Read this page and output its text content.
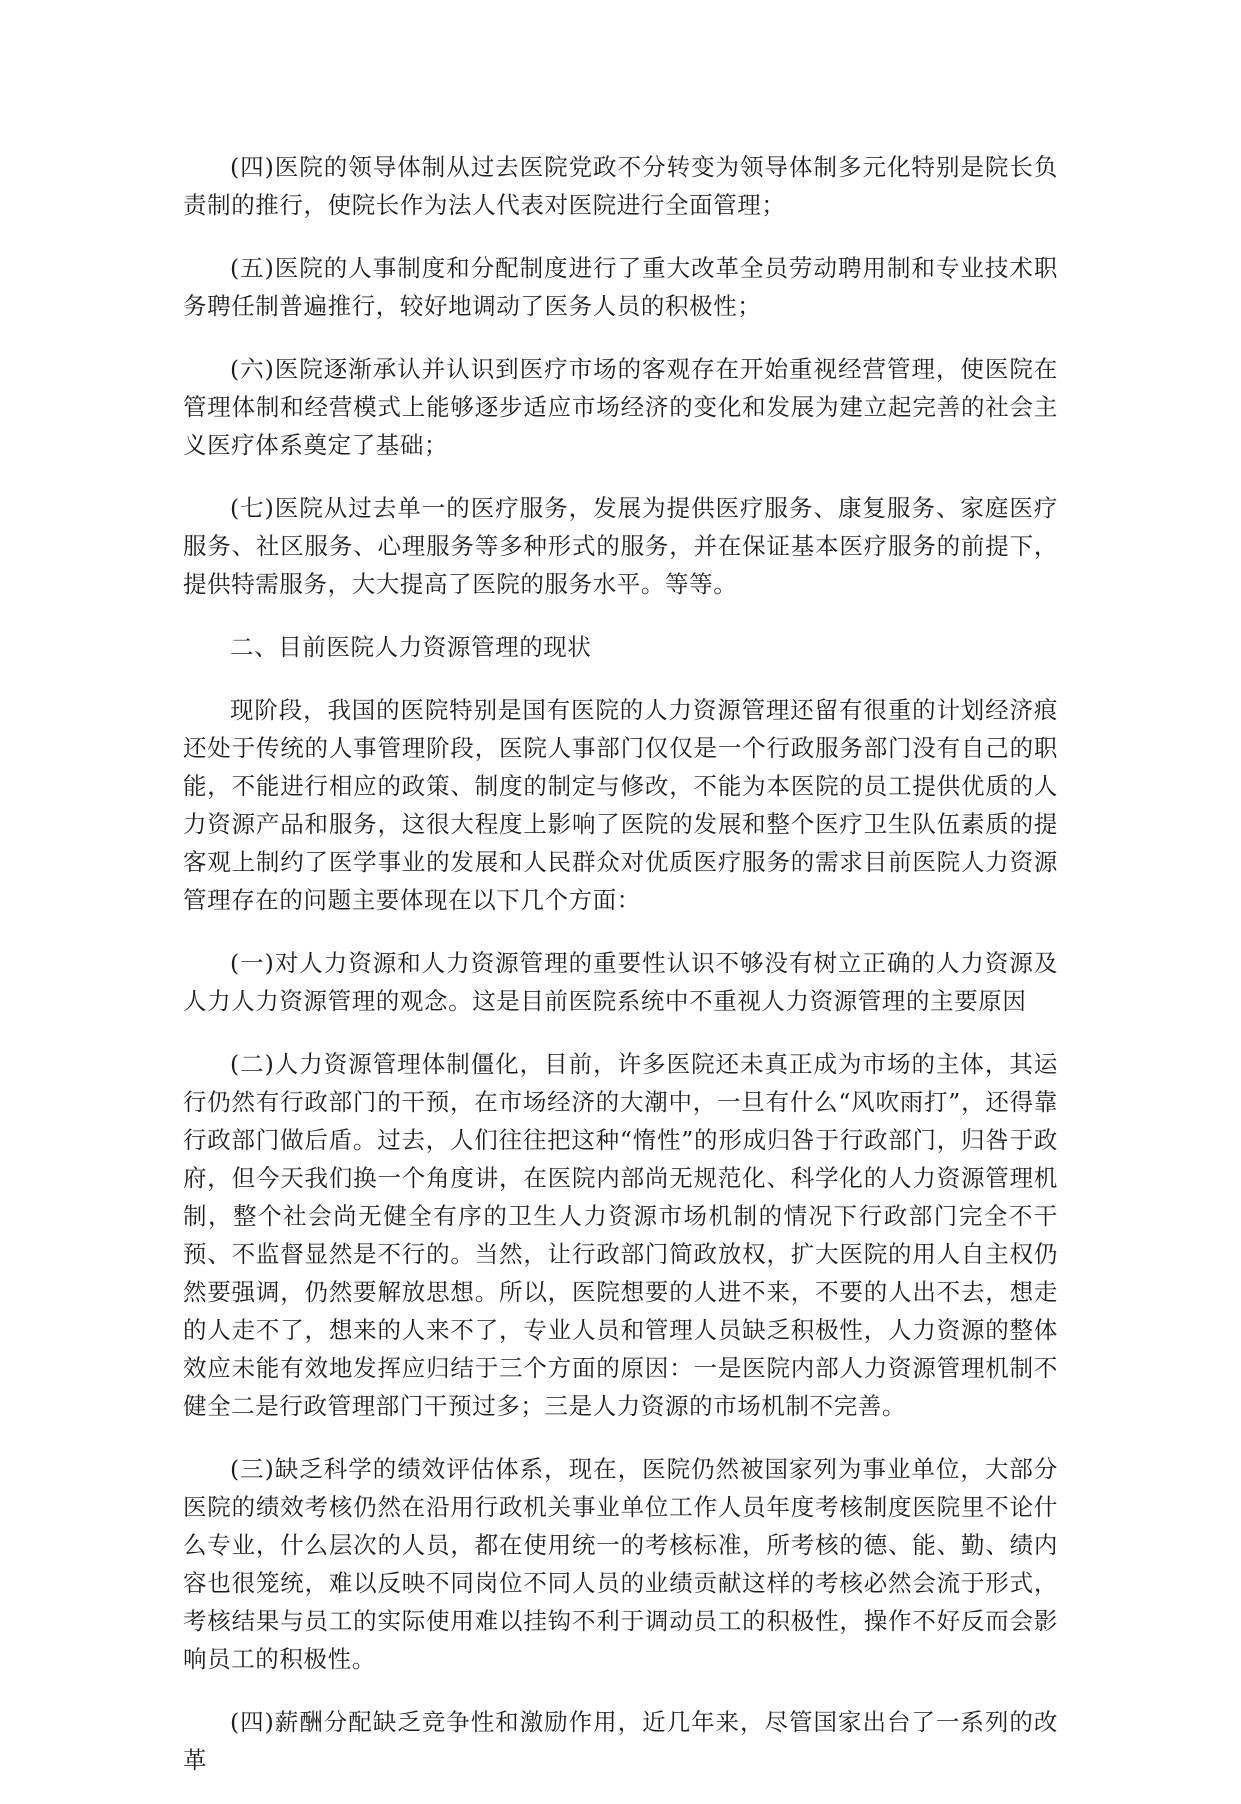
(四)医院的领导体制从过去医院党政不分转变为领导体制多元化特别是院长负责制的推行，使院长作为法人代表对医院进行全面管理；

(五)医院的人事制度和分配制度进行了重大改革全员劳动聘用制和专业技术职务聘任制普遍推行，较好地调动了医务人员的积极性；

(六)医院逐渐承认并认识到医疗市场的客观存在开始重视经营管理，使医院在管理体制和经营模式上能够逐步适应市场经济的变化和发展为建立起完善的社会主义医疗体系奠定了基础；

(七)医院从过去单一的医疗服务，发展为提供医疗服务、康复服务、家庭医疗服务、社区服务、心理服务等多种形式的服务，并在保证基本医疗服务的前提下，提供特需服务，大大提高了医院的服务水平。等等。

二、目前医院人力资源管理的现状

现阶段，我国的医院特别是国有医院的人力资源管理还留有很重的计划经济痕还处于传统的人事管理阶段，医院人事部门仅仅是一个行政服务部门没有自己的职能，不能进行相应的政策、制度的制定与修改，不能为本医院的员工提供优质的人力资源产品和服务，这很大程度上影响了医院的发展和整个医疗卫生队伍素质的提客观上制约了医学事业的发展和人民群众对优质医疗服务的需求目前医院人力资源管理存在的问题主要体现在以下几个方面：

(一)对人力资源和人力资源管理的重要性认识不够没有树立正确的人力资源及人力人力资源管理的观念。这是目前医院系统中不重视人力资源管理的主要原因

(二)人力资源管理体制僵化，目前，许多医院还未真正成为市场的主体，其运行仍然有行政部门的干预，在市场经济的大潮中，一旦有什么“风吹雨打”，还得靠行政部门做后盾。过去，人们往往把这种“惰性”的形成归咎于行政部门，归咎于政府，但今天我们换一个角度讲，在医院内部尚无规范化、科学化的人力资源管理机制，整个社会尚无健全有序的卫生人力资源市场机制的情况下行政部门完全不干预、不监督显然是不行的。当然，让行政部门简政放权，扩大医院的用人自主权仍然要强调，仍然要解放思想。所以，医院想要的人进不来，不要的人出不去，想走的人走不了，想来的人来不了，专业人员和管理人员缺乏积极性，人力资源的整体效应未能有效地发挥应归结于三个方面的原因：一是医院内部人力资源管理机制不健全二是行政管理部门干预过多；三是人力资源的市场机制不完善。

(三)缺乏科学的绩效评估体系，现在，医院仍然被国家列为事业单位，大部分医院的绩效考核仍然在沿用行政机关事业单位工作人员年度考核制度医院里不论什么专业，什么层次的人员，都在使用统一的考核标准，所考核的德、能、勤、绩内容也很笼统，难以反映不同岗位不同人员的业绩贡献这样的考核必然会流于形式，考核结果与员工的实际使用难以挂钩不利于调动员工的积极性，操作不好反而会影响员工的积极性。

(四)薪酬分配缺乏竞争性和激励作用，近几年来，尽管国家出台了一系列的改革
